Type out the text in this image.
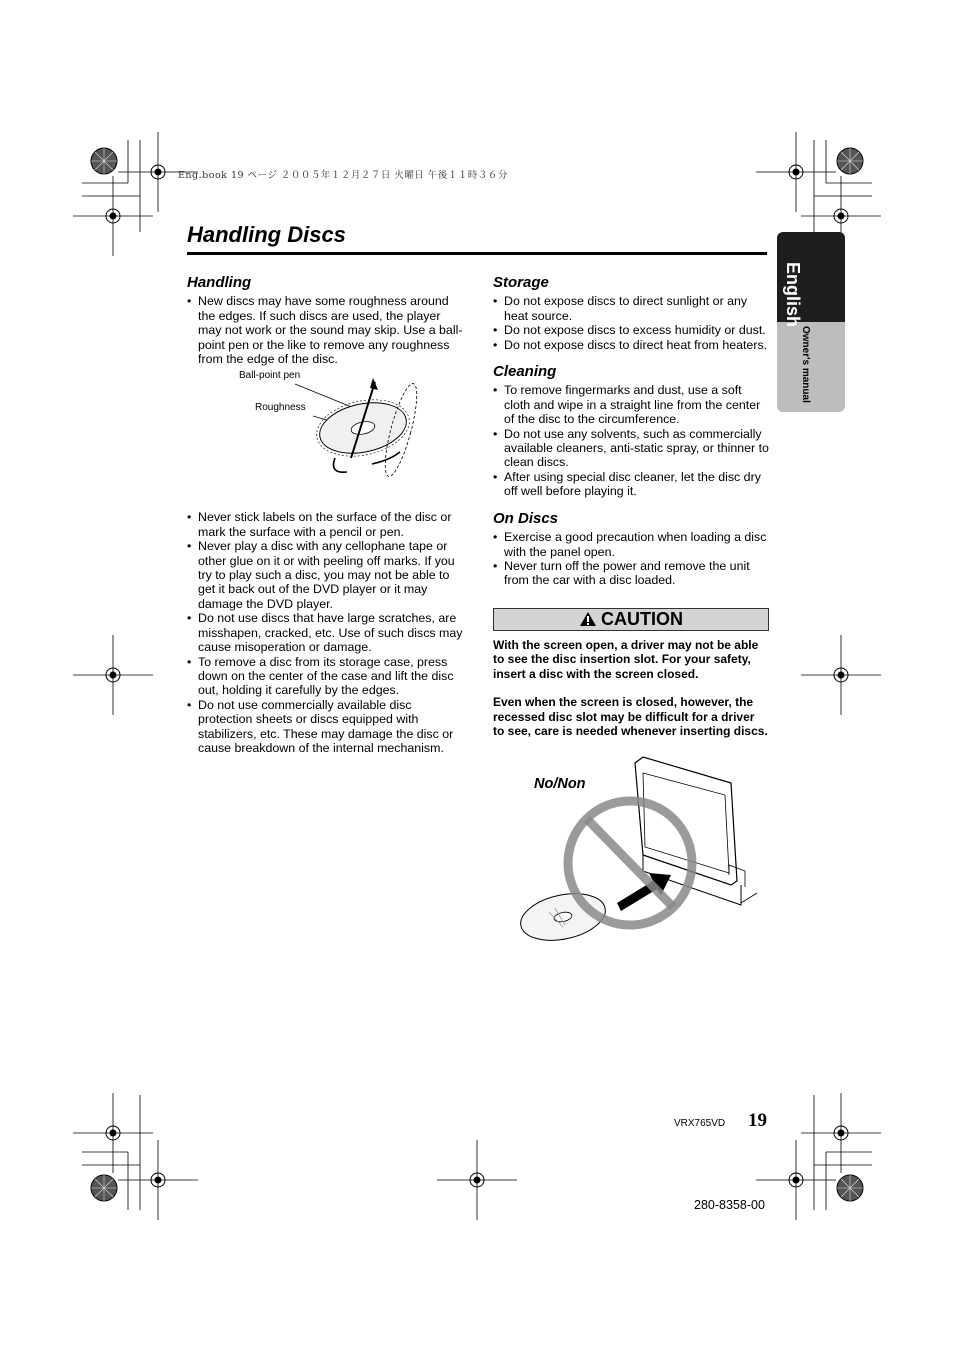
Eng.book 19 ページ ２００５年１２月２７日 火曜日 午後１１時３６分
Handling Discs
English
Owner's manual
Handling
• New discs may have some roughness around the edges. If such discs are used, the player may not work or the sound may skip. Use a ball-point pen or the like to remove any roughness from the edge of the disc.
Ball-point pen
Roughness
• Never stick labels on the surface of the disc or mark the surface with a pencil or pen.
• Never play a disc with any cellophane tape or other glue on it or with peeling off marks. If you try to play such a disc, you may not be able to get it back out of the DVD player or it may damage the DVD player.
• Do not use discs that have large scratches, are misshapen, cracked, etc. Use of such discs may cause misoperation or damage.
• To remove a disc from its storage case, press down on the center of the case and lift the disc out, holding it carefully by the edges.
• Do not use commercially available disc protection sheets or discs equipped with stabilizers, etc. These may damage the disc or cause breakdown of the internal mechanism.
Storage
• Do not expose discs to direct sunlight or any heat source.
• Do not expose discs to excess humidity or dust.
• Do not expose discs to direct heat from heaters.
Cleaning
• To remove fingermarks and dust, use a soft cloth and wipe in a straight line from the center of the disc to the circumference.
• Do not use any solvents, such as commercially available cleaners, anti-static spray, or thinner to clean discs.
• After using special disc cleaner, let the disc dry off well before playing it.
On Discs
• Exercise a good precaution when loading a disc with the panel open.
• Never turn off the power and remove the unit from the car with a disc loaded.
CAUTION

With the screen open, a driver may not be able to see the disc insertion slot. For your safety, insert a disc with the screen closed.

Even when the screen is closed, however, the recessed disc slot may be difficult for a driver to see, care is needed whenever inserting discs.

No/Non
VRX765VD 19
280-8358-00
